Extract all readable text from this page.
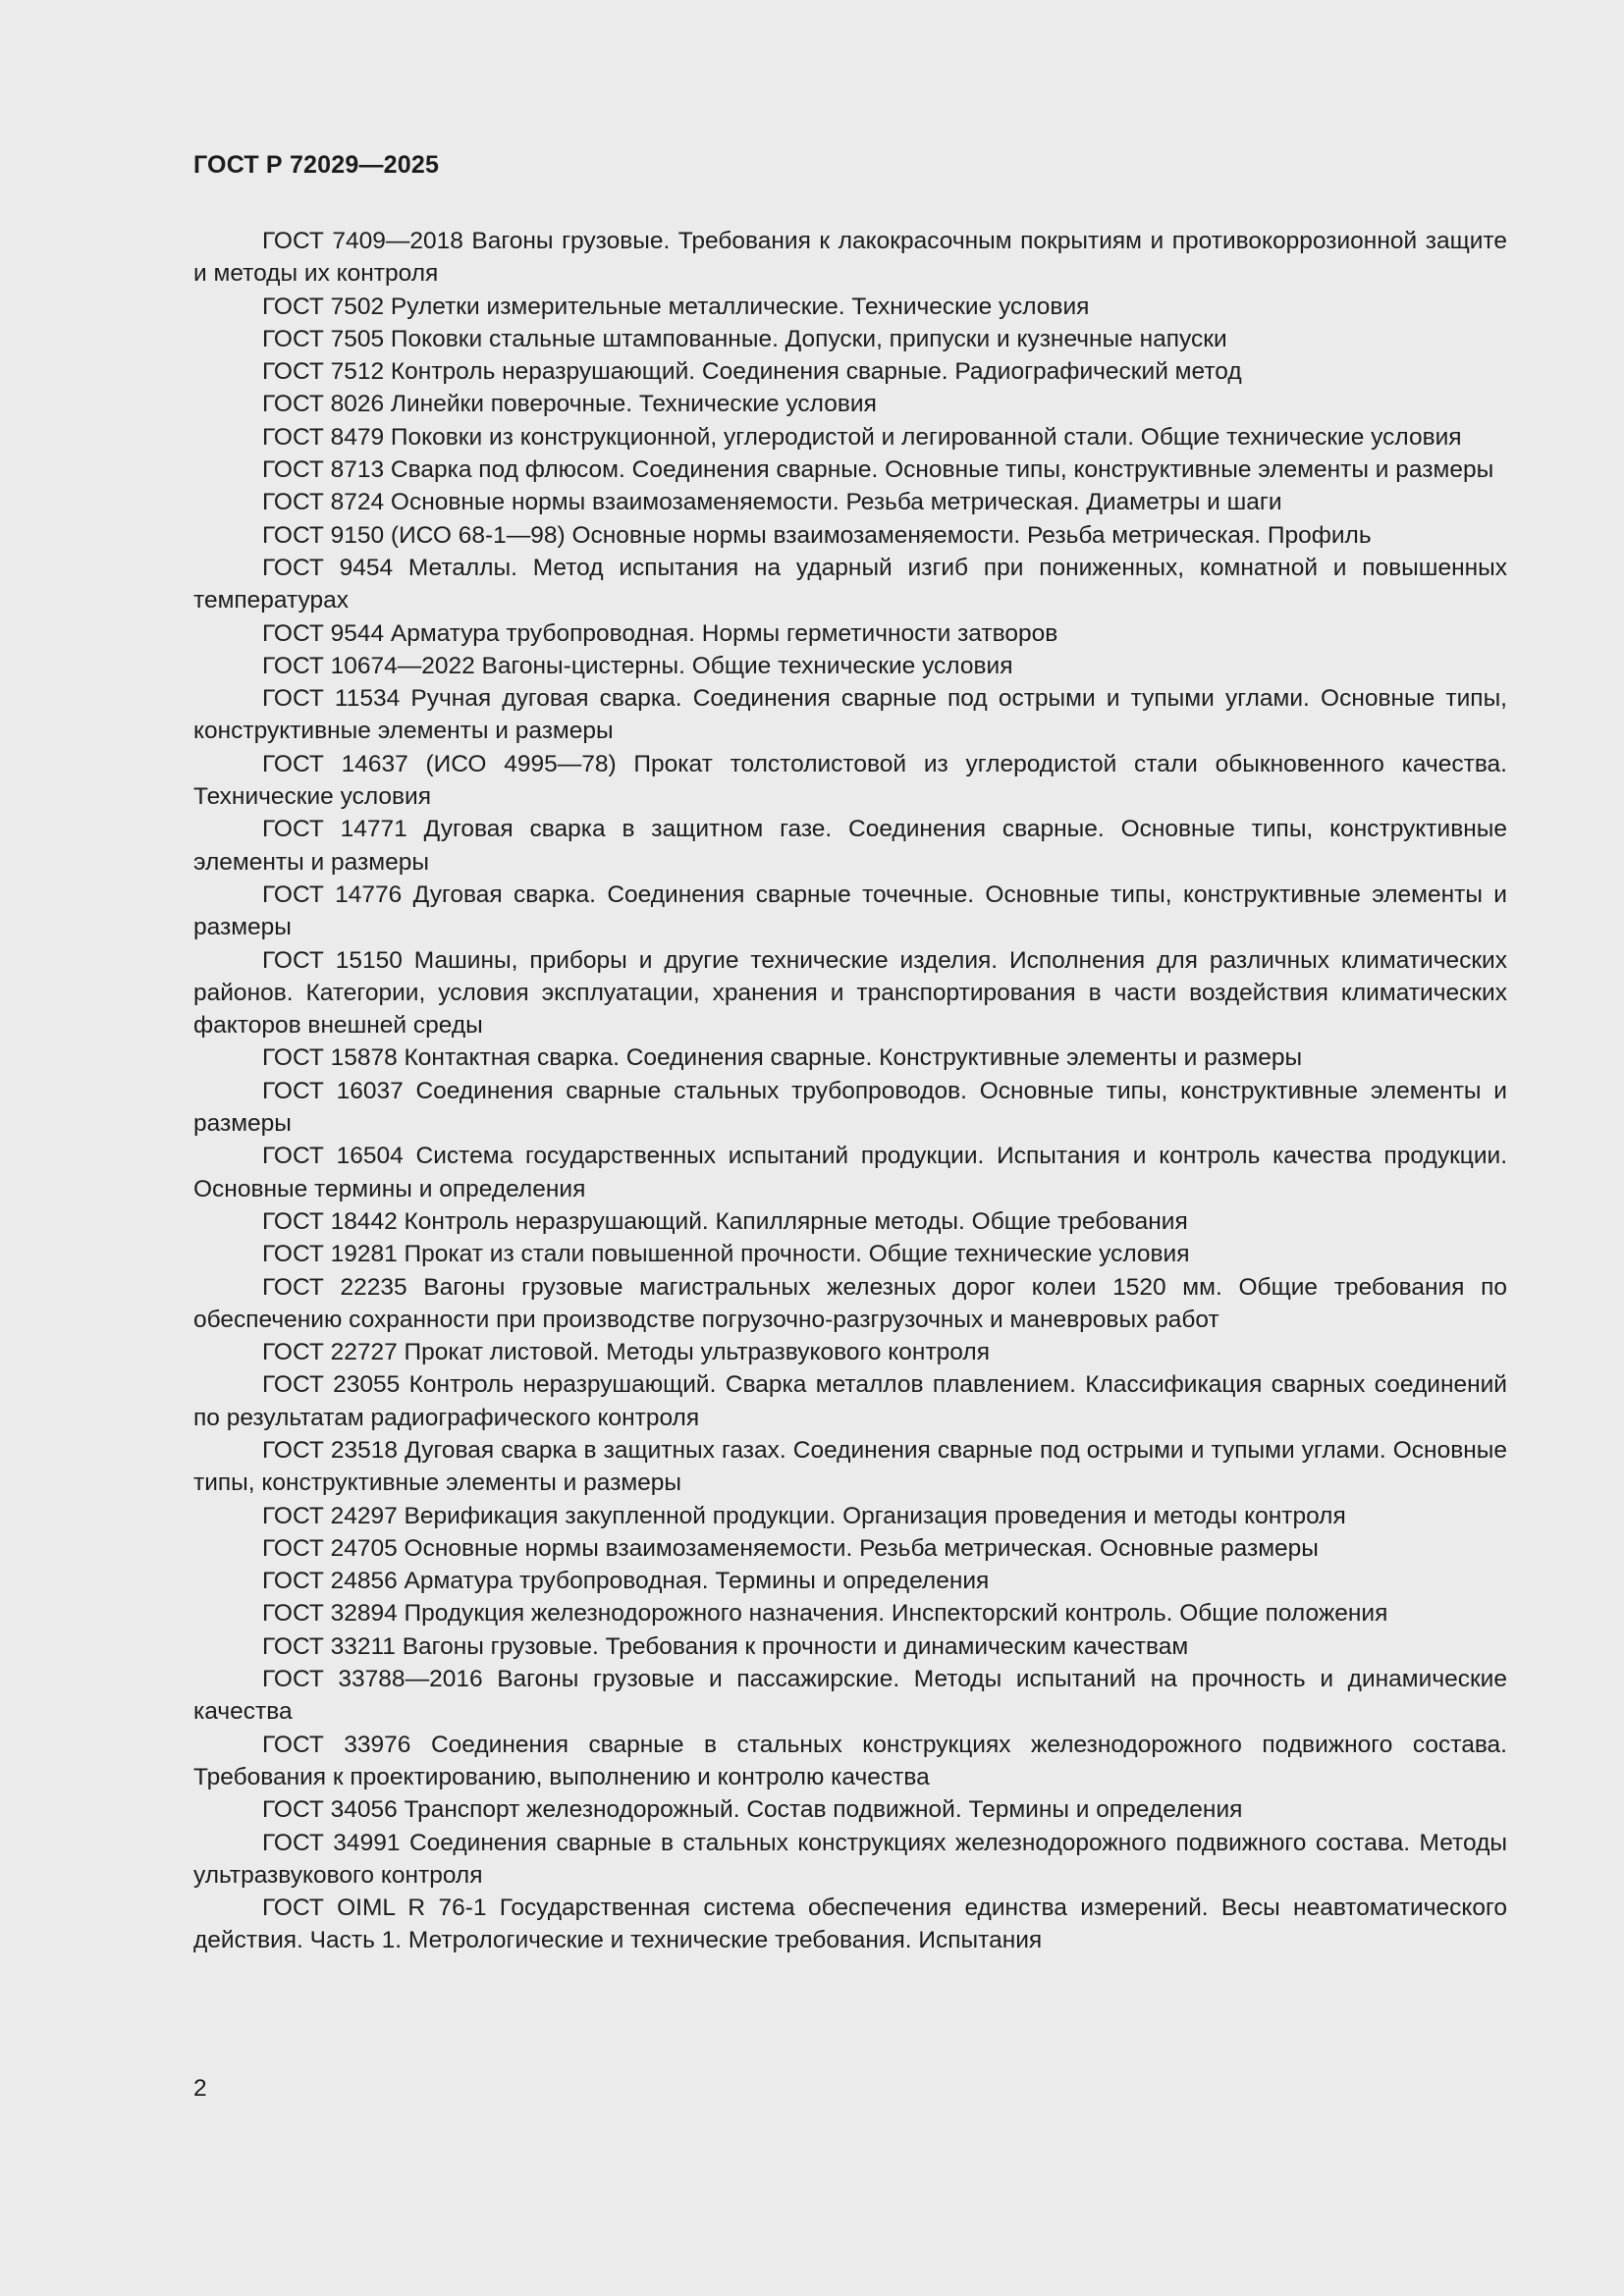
ГОСТ Р 72029—2025
ГОСТ 7409—2018 Вагоны грузовые. Требования к лакокрасочным покрытиям и противокоррозионной защите и методы их контроля
ГОСТ 7502 Рулетки измерительные металлические. Технические условия
ГОСТ 7505 Поковки стальные штампованные. Допуски, припуски и кузнечные напуски
ГОСТ 7512 Контроль неразрушающий. Соединения сварные. Радиографический метод
ГОСТ 8026 Линейки поверочные. Технические условия
ГОСТ 8479 Поковки из конструкционной, углеродистой и легированной стали. Общие технические условия
ГОСТ 8713 Сварка под флюсом. Соединения сварные. Основные типы, конструктивные элементы и размеры
ГОСТ 8724 Основные нормы взаимозаменяемости. Резьба метрическая. Диаметры и шаги
ГОСТ 9150 (ИСО 68-1—98) Основные нормы взаимозаменяемости. Резьба метрическая. Профиль
ГОСТ 9454 Металлы. Метод испытания на ударный изгиб при пониженных, комнатной и повышенных температурах
ГОСТ 9544 Арматура трубопроводная. Нормы герметичности затворов
ГОСТ 10674—2022 Вагоны-цистерны. Общие технические условия
ГОСТ 11534 Ручная дуговая сварка. Соединения сварные под острыми и тупыми углами. Основные типы, конструктивные элементы и размеры
ГОСТ 14637 (ИСО 4995—78) Прокат толстолистовой из углеродистой стали обыкновенного качества. Технические условия
ГОСТ 14771 Дуговая сварка в защитном газе. Соединения сварные. Основные типы, конструктивные элементы и размеры
ГОСТ 14776 Дуговая сварка. Соединения сварные точечные. Основные типы, конструктивные элементы и размеры
ГОСТ 15150 Машины, приборы и другие технические изделия. Исполнения для различных климатических районов. Категории, условия эксплуатации, хранения и транспортирования в части воздействия климатических факторов внешней среды
ГОСТ 15878 Контактная сварка. Соединения сварные. Конструктивные элементы и размеры
ГОСТ 16037 Соединения сварные стальных трубопроводов. Основные типы, конструктивные элементы и размеры
ГОСТ 16504 Система государственных испытаний продукции. Испытания и контроль качества продукции. Основные термины и определения
ГОСТ 18442 Контроль неразрушающий. Капиллярные методы. Общие требования
ГОСТ 19281 Прокат из стали повышенной прочности. Общие технические условия
ГОСТ 22235 Вагоны грузовые магистральных железных дорог колеи 1520 мм. Общие требования по обеспечению сохранности при производстве погрузочно-разгрузочных и маневровых работ
ГОСТ 22727 Прокат листовой. Методы ультразвукового контроля
ГОСТ 23055 Контроль неразрушающий. Сварка металлов плавлением. Классификация сварных соединений по результатам радиографического контроля
ГОСТ 23518 Дуговая сварка в защитных газах. Соединения сварные под острыми и тупыми углами. Основные типы, конструктивные элементы и размеры
ГОСТ 24297 Верификация закупленной продукции. Организация проведения и методы контроля
ГОСТ 24705 Основные нормы взаимозаменяемости. Резьба метрическая. Основные размеры
ГОСТ 24856 Арматура трубопроводная. Термины и определения
ГОСТ 32894 Продукция железнодорожного назначения. Инспекторский контроль. Общие положения
ГОСТ 33211 Вагоны грузовые. Требования к прочности и динамическим качествам
ГОСТ 33788—2016 Вагоны грузовые и пассажирские. Методы испытаний на прочность и динамические качества
ГОСТ 33976 Соединения сварные в стальных конструкциях железнодорожного подвижного состава. Требования к проектированию, выполнению и контролю качества
ГОСТ 34056 Транспорт железнодорожный. Состав подвижной. Термины и определения
ГОСТ 34991 Соединения сварные в стальных конструкциях железнодорожного подвижного состава. Методы ультразвукового контроля
ГОСТ OIML R 76-1 Государственная система обеспечения единства измерений. Весы неавтоматического действия. Часть 1. Метрологические и технические требования. Испытания
2
